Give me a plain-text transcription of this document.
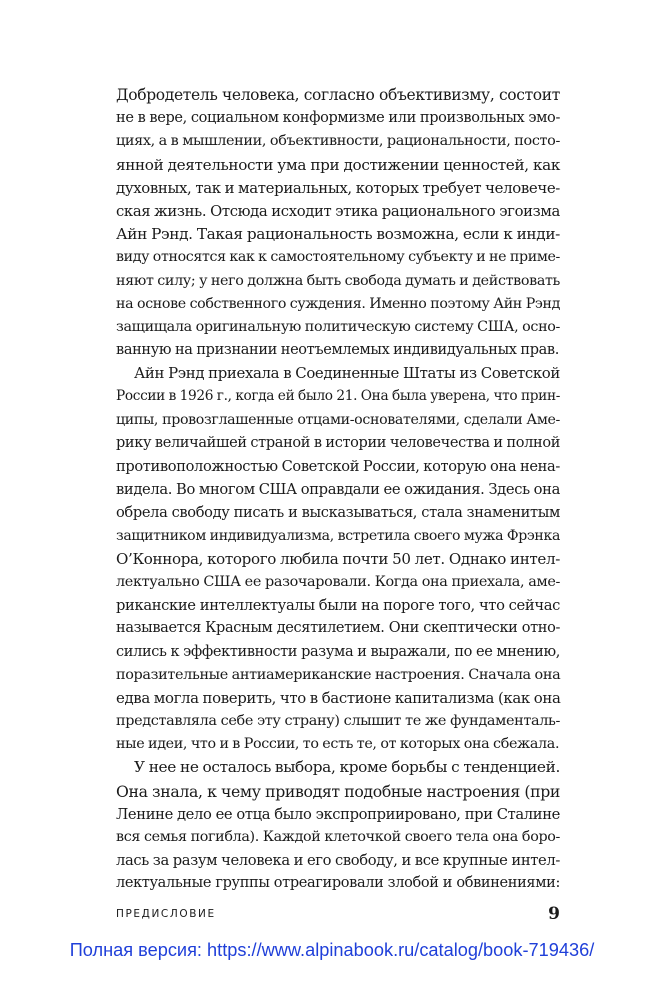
Добродетель человека, согласно объективизму, состоит
не в вере, социальном конформизме или произвольных эмо-
циях, а в мышлении, объективности, рациональности, посто-
янной деятельности ума при достижении ценностей, как
духовных, так и материальных, которых требует человече-
ская жизнь. Отсюда исходит этика рационального эгоизма
Айн Рэнд. Такая рациональность возможна, если к инди-
виду относятся как к самостоятельному субъекту и не приме-
няют силу; у него должна быть свобода думать и действовать
на основе собственного суждения. Именно поэтому Айн Рэнд
защищала оригинальную политическую систему США, осно-
ванную на признании неотъемлемых индивидуальных прав.
Айн Рэнд приехала в Соединенные Штаты из Советской
России в 1926 г., когда ей было 21. Она была уверена, что прин-
ципы, провозглашенные отцами-основателями, сделали Аме-
рику величайшей страной в истории человечества и полной
противоположностью Советской России, которую она нена-
видела. Во многом США оправдали ее ожидания. Здесь она
обрела свободу писать и высказываться, стала знаменитым
защитником индивидуализма, встретила своего мужа Фрэнка
О’Коннора, которого любила почти 50 лет. Однако интел-
лектуально США ее разочаровали. Когда она приехала, аме-
риканские интеллектуалы были на пороге того, что сейчас
называется Красным десятилетием. Они скептически отно-
сились к эффективности разума и выражали, по ее мнению,
поразительные антиамериканские настроения. Сначала она
едва могла поверить, что в бастионе капитализма (как она
представляла себе эту страну) слышит те же фундаменталь-
ные идеи, что и в России, то есть те, от которых она сбежала.
У нее не осталось выбора, кроме борьбы с тенденцией.
Она знала, к чему приводят подобные настроения (при
Ленине дело ее отца было экспроприировано, при Сталине
вся семья погибла). Каждой клеточкой своего тела она боро-
лась за разум человека и его свободу, и все крупные интел-
лектуальные группы отреагировали злобой и обвинениями:
ПРЕДИСЛОВИЕ	9
Полная версия: https://www.alpinabook.ru/catalog/book-719436/
